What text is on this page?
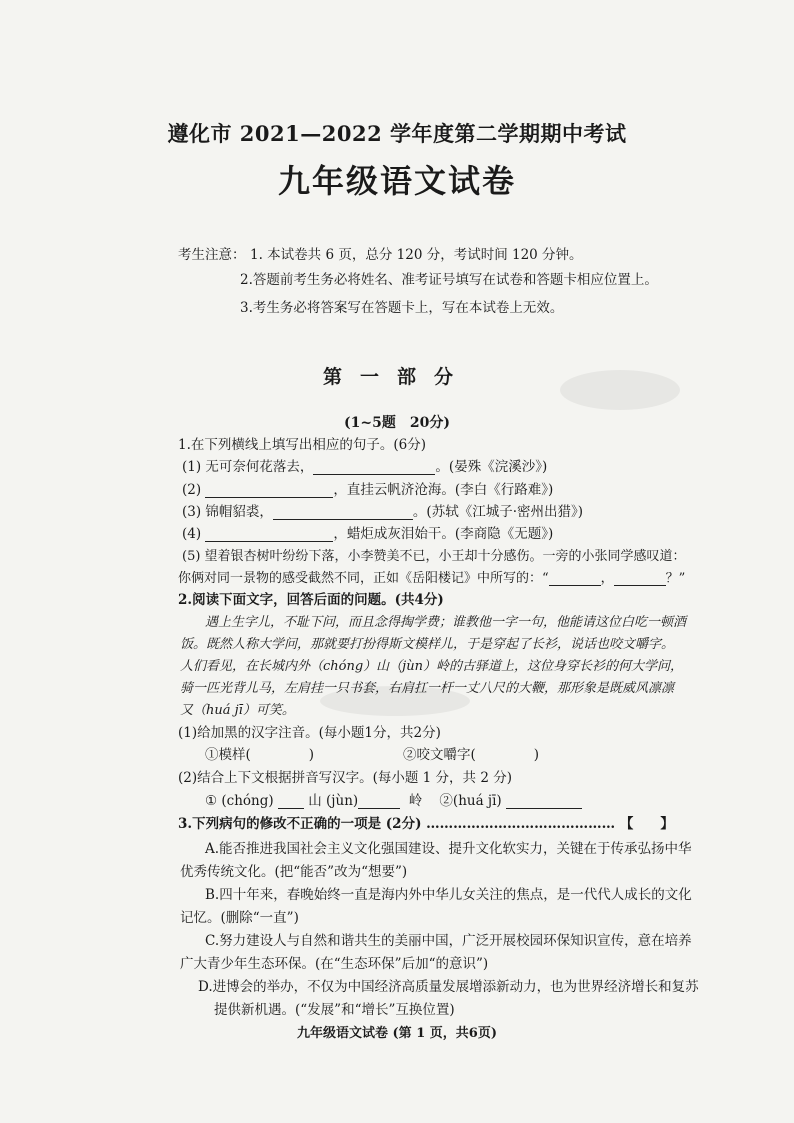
遵化市 2021—2022 学年度第二学期期中考试
九年级语文试卷
考生注意： 1. 本试卷共 6 页，总分 120 分，考试时间 120 分钟。
2.答题前考生务必将姓名、准考证号填写在试卷和答题卡相应位置上。
3.考生务必将答案写在答题卡上，写在本试卷上无效。
第一部分
(1~5题　20分)
1.在下列横线上填写出相应的句子。(6分)
(1) 无可奈何花落去，	。(晏殊《浣溪沙》)
(2)	，直挂云帆济沧海。(李白《行路难》)
(3) 锦帽貂裘，	。(苏轼《江城子·密州出猎》)
(4)	，蜡炬成灰泪始干。(李商隐《无题》)
(5) 望着银杏树叶纷纷下落，小李赞美不已，小王却十分感伤。一旁的小张同学感叹道：
你俩对同一景物的感受截然不同，正如《岳阳楼记》中所写的：“	，	？”
2.阅读下面文字，回答后面的问题。(共4分)
遇上生字儿，不耻下问，而且念得掏学费；谁教他一字一句，他能请这位白吃一顿酒
饭。既然人称大学问，那就要打扮得斯文模样儿，于是穿起了长衫，说话也咬文嚼字。
人们看见，在长城内外（chóng）山（jùn）岭的古驿道上，这位身穿长衫的何大学问，
骑一匹光背儿马，左肩挂一只书套，右肩扛一杆一丈八尺的大鞭，那形象是既威风凛凛
又（huá jī）可笑。
(1)给加黑的汉字注音。(每小题1分，共2分)
①模样(	)	②咬文嚼字(	)
(2)结合上下文根据拼音写汉字。(每小题 1 分，共 2 分)
① (chóng)	山 (jùn)	岭 ②(huá jī)
3.下列病句的修改不正确的一项是 (2分) …………………………………… 【　　】
A.能否推进我国社会主义文化强国建设、提升文化软实力，关键在于传承弘扬中华
优秀传统文化。(把“能否”改为“想要”)
B.四十年来，春晚始终一直是海内外中华儿女关注的焦点，是一代代人成长的文化
记忆。(删除“一直”)
C.努力建设人与自然和谐共生的美丽中国，广泛开展校园环保知识宣传，意在培养
广大青少年生态环保。(在“生态环保”后加“的意识”)
D.进博会的举办，不仅为中国经济高质量发展增添新动力，也为世界经济增长和复苏
提供新机遇。(“发展”和“增长”互换位置)
九年级语文试卷 (第 1 页，共6页)
